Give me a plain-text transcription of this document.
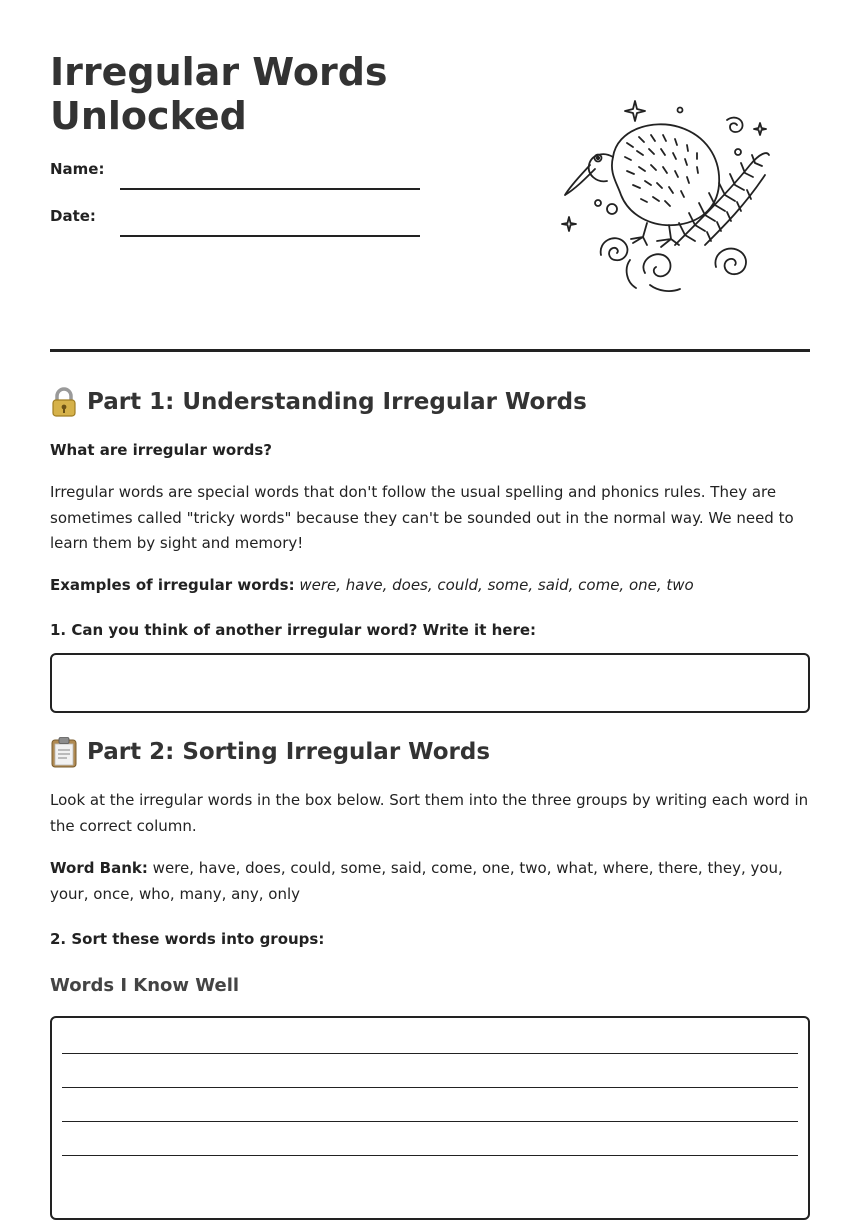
Irregular Words Unlocked
Name:
Date:
Part 1: Understanding Irregular Words

What are irregular words?

Irregular words are special words that don't follow the usual spelling and phonics rules. They are sometimes called "tricky words" because they can't be sounded out in the normal way. We need to learn them by sight and memory!

Examples of irregular words: were, have, does, could, some, said, come, one, two

1. Can you think of another irregular word? Write it here:

Part 2: Sorting Irregular Words

Look at the irregular words in the box below. Sort them into the three groups by writing each word in the correct column.

Word Bank: were, have, does, could, some, said, come, one, two, what, where, there, they, you, your, once, who, many, any, only

2. Sort these words into groups:

Words I Know Well
